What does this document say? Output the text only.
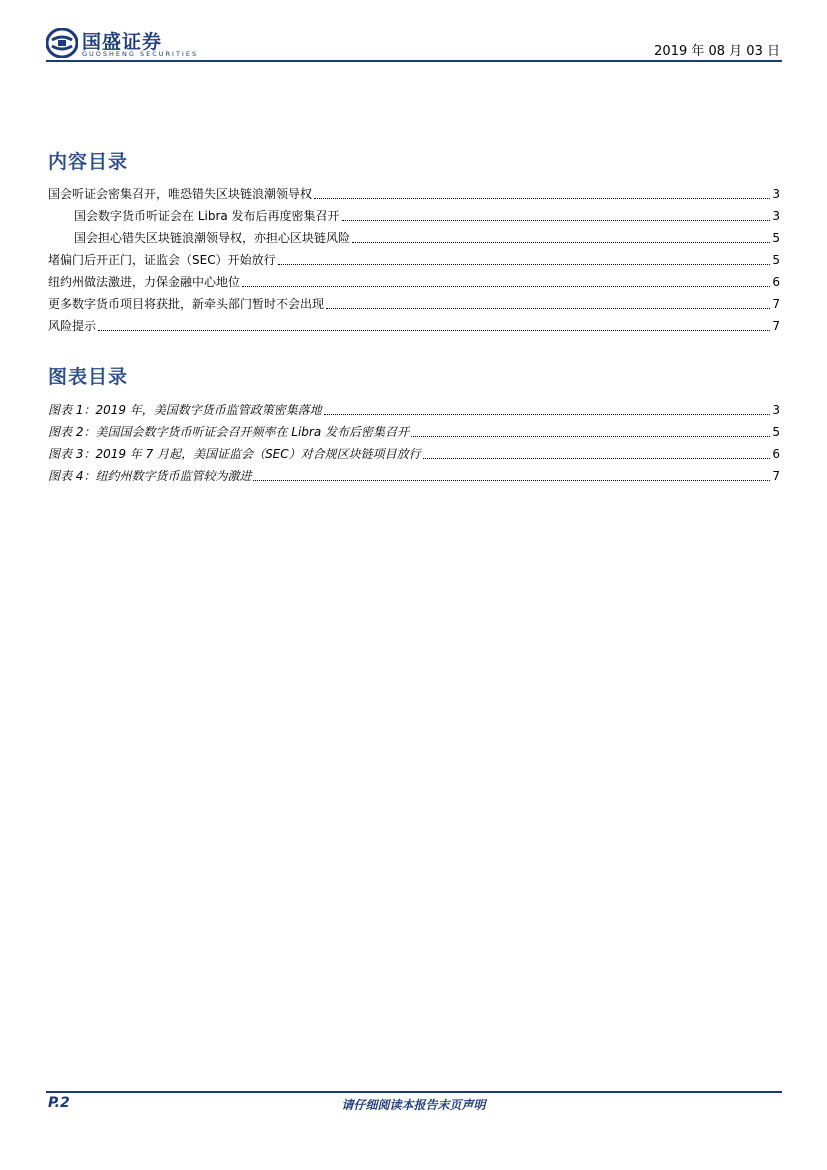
国盛证券
GUOSHENG SECURITIES	2019 年 08 月 03 日
内容目录
国会听证会密集召开，唯恐错失区块链浪潮领导权	3
国会数字货币听证会在 Libra 发布后再度密集召开	3
国会担心错失区块链浪潮领导权，亦担心区块链风险	5
堵偏门后开正门，证监会（SEC）开始放行	5
纽约州做法激进，力保金融中心地位	6
更多数字货币项目将获批，新牵头部门暂时不会出现	7
风险提示	7
图表目录
图表 1：2019 年，美国数字货币监管政策密集落地	3
图表 2：美国国会数字货币听证会召开频率在 Libra 发布后密集召开	5
图表 3：2019 年 7 月起，美国证监会（SEC）对合规区块链项目放行	6
图表 4：纽约州数字货币监管较为激进	7
P.2	请仔细阅读本报告末页声明
